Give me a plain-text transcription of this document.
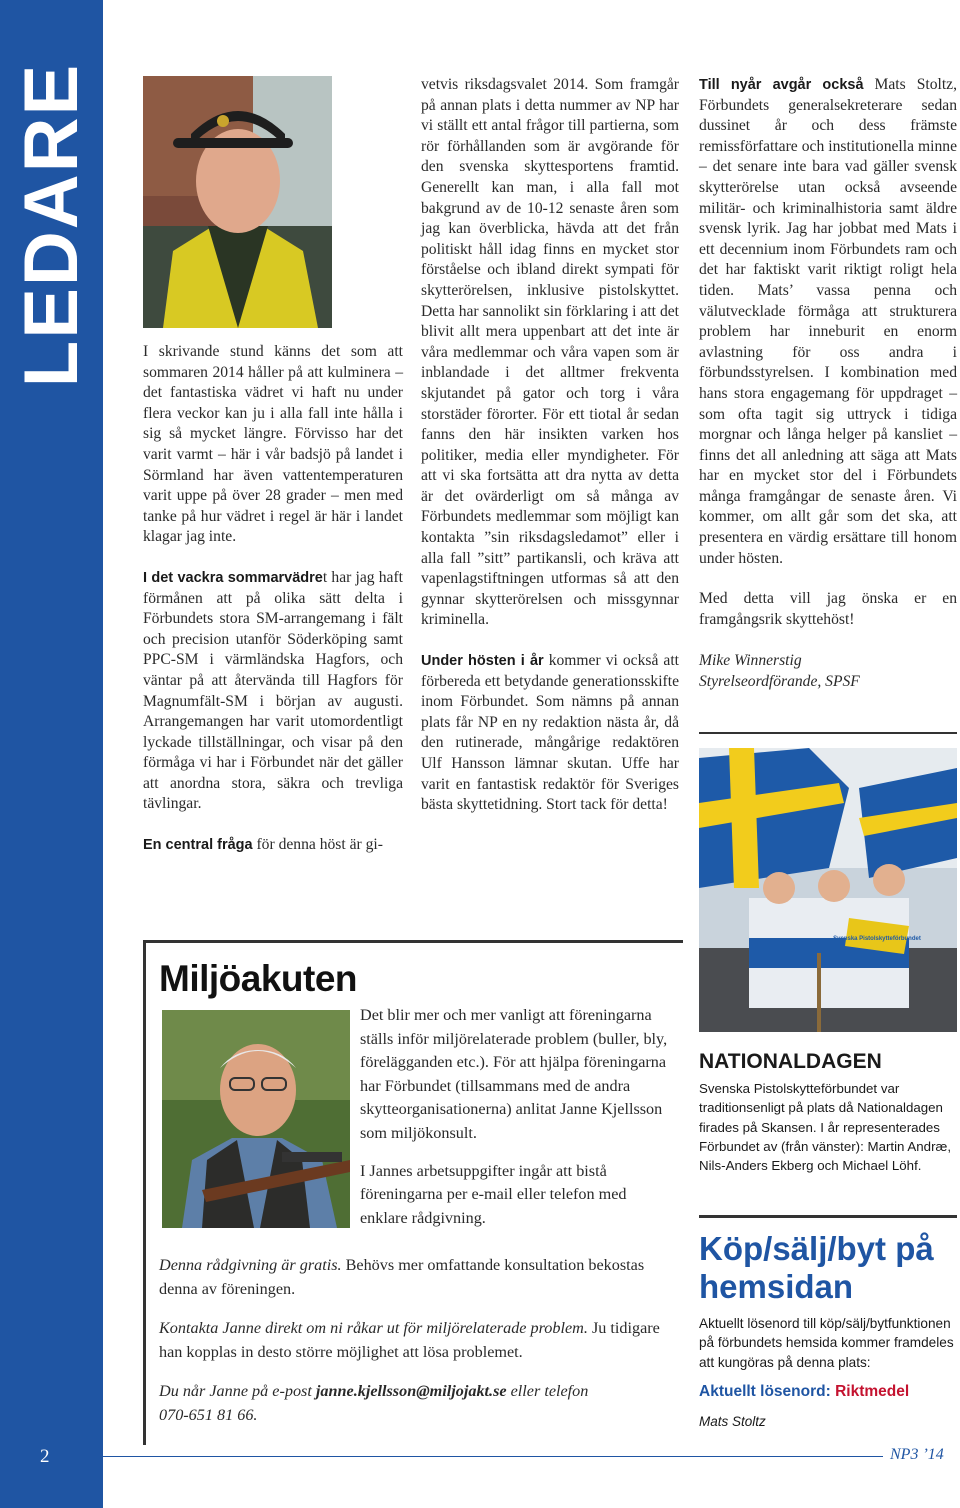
LEDARE
2

I skrivande stund känns det som att sommaren 2014 håller på att kulminera – det fantastiska vädret vi haft nu under flera veckor kan ju i alla fall inte hålla i sig så mycket längre. Förvisso har det varit varmt – här i vår badsjö på landet i Sörmland har även vattentemperaturen varit uppe på över 28 grader – men med tanke på hur vädret i regel är här i landet klagar jag inte.

I det vackra sommarvädret har jag haft förmånen att på olika sätt delta i Förbundets stora SM-arrangemang i fält och precision utanför Söderköping samt PPC-SM i värmländska Hagfors, och väntar på att återvända till Hagfors för Magnumfält-SM i början av augusti. Arrangemangen har varit utomordentligt lyckade tillställningar, och visar på den förmåga vi har i Förbundet när det gäller att anordna stora, säkra och trevliga tävlingar.

En central fråga för denna höst är gi-

vetvis riksdagsvalet 2014. Som framgår på annan plats i detta nummer av NP har vi ställt ett antal frågor till partierna, som rör förhållanden som är avgörande för den svenska skyttesportens framtid. Generellt kan man, i alla fall mot bakgrund av de 10-12 senaste åren som jag kan överblicka, hävda att det från politiskt håll idag finns en mycket stor förståelse och ibland direkt sympati för skytterörelsen, inklusive pistolskyttet. Detta har sannolikt sin förklaring i att det blivit allt mera uppenbart att det inte är våra medlemmar och våra vapen som är inblandade i det alltmer frekventa skjutandet på gator och torg i våra storstäder förorter. För ett tiotal år sedan fanns den här insikten varken hos politiker, media eller myndigheter. För att vi ska fortsätta att dra nytta av detta är det ovärderligt om så många av Förbundets medlemmar som möjligt kan kontakta ”sin riksdagsledamot” eller i alla fall ”sitt” partikansli, och kräva att vapenlagstiftningen utformas så att den gynnar skytterörelsen och missgynnar kriminella.

Under hösten i år kommer vi också att förbereda ett betydande generationsskifte inom Förbundet. Som nämns på annan plats får NP en ny redaktion nästa år, då den rutinerade, mångårige redaktören Ulf Hansson lämnar skutan. Uffe har varit en fantastisk redaktör för Sveriges bästa skyttetidning. Stort tack för detta!

Till nyår avgår också Mats Stoltz, Förbundets generalsekreterare sedan dussinet år och dess främste remissförfattare och institutionella minne – det senare inte bara vad gäller svensk skytterörelse utan också avseende militär- och kriminalhistoria samt äldre svensk lyrik. Jag har jobbat med Mats i ett decennium inom Förbundets ram och det har faktiskt varit riktigt roligt hela tiden. Mats’ vassa penna och välutvecklade förmåga att strukturera problem har inneburit en enorm avlastning för oss andra i förbundsstyrelsen. I kombination med hans stora engagemang för uppdraget – som ofta tagit sig uttryck i tidiga morgnar och långa helger på kansliet – finns det all anledning att säga att Mats har en mycket stor del i Förbundets många framgångar de senaste åren. Vi kommer, om allt går som det ska, att presentera en värdig ersättare till honom under hösten.

Med detta vill jag önska er en framgångsrik skyttehöst!

Mike Winnerstig
Styrelseordförande, SPSF

Svenska Pistolskytteförbundet
Miljöakuten

Det blir mer och mer vanligt att föreningarna ställs inför miljörelaterade problem (buller, bly, förelägganden etc.). För att hjälpa föreningarna har Förbundet (tillsammans med de andra skytteorganisationerna) anlitat Janne Kjellsson som miljökonsult.

I Jannes arbetsuppgifter ingår att bistå föreningarna per e-mail eller telefon med enklare rådgivning.

Denna rådgivning är gratis. Behövs mer omfattande konsultation bekostas denna av föreningen.

Kontakta Janne direkt om ni råkar ut för miljörelaterade problem. Ju tidigare han kopplas in desto större möjlighet att lösa problemet.

Du når Janne på e-post janne.kjellsson@miljojakt.se eller telefon
070-651 81 66.

NATIONALDAGEN
Svenska Pistolskytteförbundet var traditionsenligt på plats då Nationaldagen firades på Skansen. I år representerades Förbundet av (från vänster): Martin Andræ, Nils-Anders Ekberg och Michael Löhf.
Köp/sälj/byt på hemsidan
Aktuellt lösenord till köp/sälj/bytfunktionen på förbundets hemsida kommer framdeles att kungöras på denna plats:
Aktuellt lösenord: Riktmedel
Mats Stoltz
NP3 ’14
